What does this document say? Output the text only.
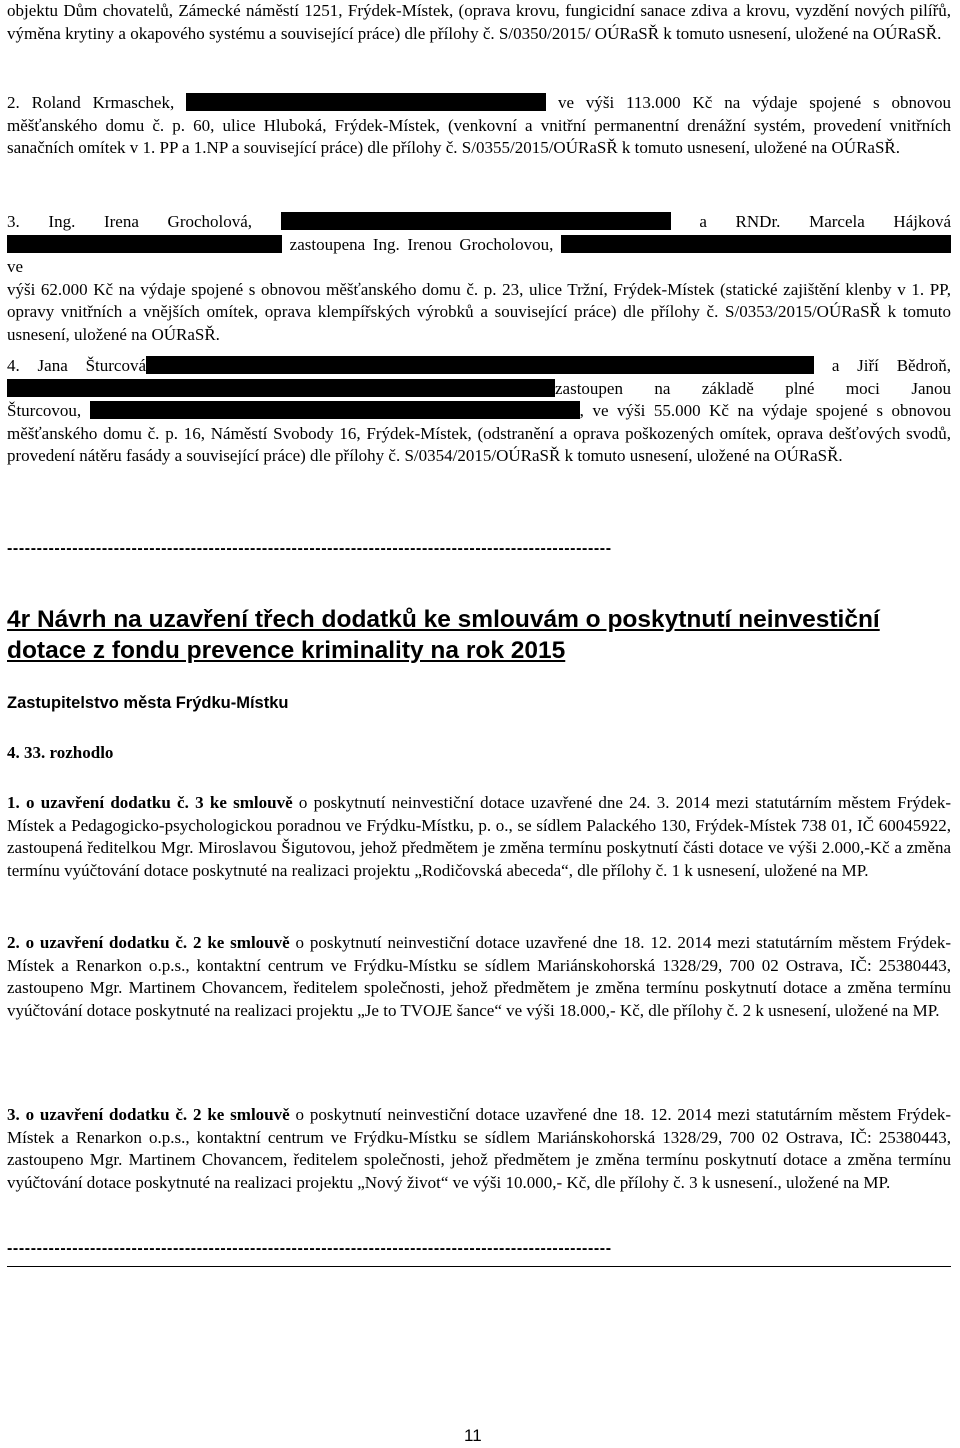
objektu Dům chovatelů, Zámecké náměstí 1251, Frýdek-Místek, (oprava krovu, fungicidní sanace zdiva a krovu, vyzdění nových pilířů, výměna krytiny a okapového systému a související práce) dle přílohy č. S/0350/2015/ OÚRaSŘ k tomuto usnesení, uložené na OÚRaSŘ.

2. Roland Krmaschek,	ve výši 113.000 Kč na výdaje spojené s obnovou měšťanského domu č. p. 60, ulice Hluboká, Frýdek-Místek, (venkovní a vnitřní permanentní drenážní systém, provedení vnitřních sanačních omítek v 1. PP a 1.NP a související práce) dle přílohy č. S/0355/2015/OÚRaSŘ k tomuto usnesení, uložené na OÚRaSŘ.

3. Ing. Irena Grocholová,	a RNDr. Marcela Hájková

zastoupena Ing. Irenou Grocholovou,  ve

výši 62.000 Kč na výdaje spojené s obnovou měšťanského domu č. p. 23, ulice Tržní, Frýdek-Místek (statické zajištění klenby v 1. PP, opravy vnitřních a vnějších omítek, oprava klempířských výrobků a související práce) dle přílohy č. S/0353/2015/OÚRaSŘ k tomuto usnesení, uložené na OÚRaSŘ.

4. Jana Šturcová	a Jiří Bědroň,

zastoupen na základě plné moci Janou

Šturcovou,	, ve výši 55.000 Kč na výdaje spojené s obnovou měšťanského domu č. p. 16, Náměstí Svobody 16, Frýdek-Místek, (odstranění a oprava poškozených omítek, oprava dešťových svodů, provedení nátěru fasády a související práce) dle přílohy č. S/0354/2015/OÚRaSŘ k tomuto usnesení, uložené na OÚRaSŘ.

------------------------------------------------------------------------------------------------------

4r Návrh na uzavření třech dodatků ke smlouvám o poskytnutí neinvestiční dotace z fondu prevence kriminality na rok 2015

Zastupitelstvo města Frýdku-Místku

4. 33. rozhodlo

1. o uzavření dodatku č. 3 ke smlouvě o poskytnutí neinvestiční dotace uzavřené dne 24. 3. 2014 mezi statutárním městem Frýdek-Místek a Pedagogicko-psychologickou poradnou ve Frýdku-Místku, p. o., se sídlem Palackého 130, Frýdek-Místek 738 01, IČ 60045922, zastoupená ředitelkou Mgr. Miroslavou Šigutovou, jehož předmětem je změna termínu poskytnutí části dotace ve výši 2.000,-Kč a změna termínu vyúčtování dotace poskytnuté na realizaci projektu „Rodičovská abeceda“, dle přílohy č. 1 k usnesení, uložené na MP.

2. o uzavření dodatku č. 2 ke smlouvě o poskytnutí neinvestiční dotace uzavřené dne 18. 12. 2014 mezi statutárním městem Frýdek-Místek a Renarkon o.p.s., kontaktní centrum ve Frýdku-Místku se sídlem Mariánskohorská 1328/29, 700 02 Ostrava, IČ: 25380443, zastoupeno Mgr. Martinem Chovancem, ředitelem společnosti, jehož předmětem je změna termínu poskytnutí dotace a změna termínu vyúčtování dotace poskytnuté na realizaci projektu „Je to TVOJE šance“ ve výši 18.000,- Kč, dle přílohy č. 2 k usnesení, uložené na MP.

3. o uzavření dodatku č. 2 ke smlouvě o poskytnutí neinvestiční dotace uzavřené dne 18. 12. 2014 mezi statutárním městem Frýdek-Místek a Renarkon o.p.s., kontaktní centrum ve Frýdku-Místku se sídlem Mariánskohorská 1328/29, 700 02 Ostrava, IČ: 25380443, zastoupeno Mgr. Martinem Chovancem, ředitelem společnosti, jehož předmětem je změna termínu poskytnutí dotace a změna termínu vyúčtování dotace poskytnuté na realizaci projektu „Nový život“ ve výši 10.000,- Kč, dle přílohy č. 3 k usnesení., uložené na MP.

------------------------------------------------------------------------------------------------------
11
